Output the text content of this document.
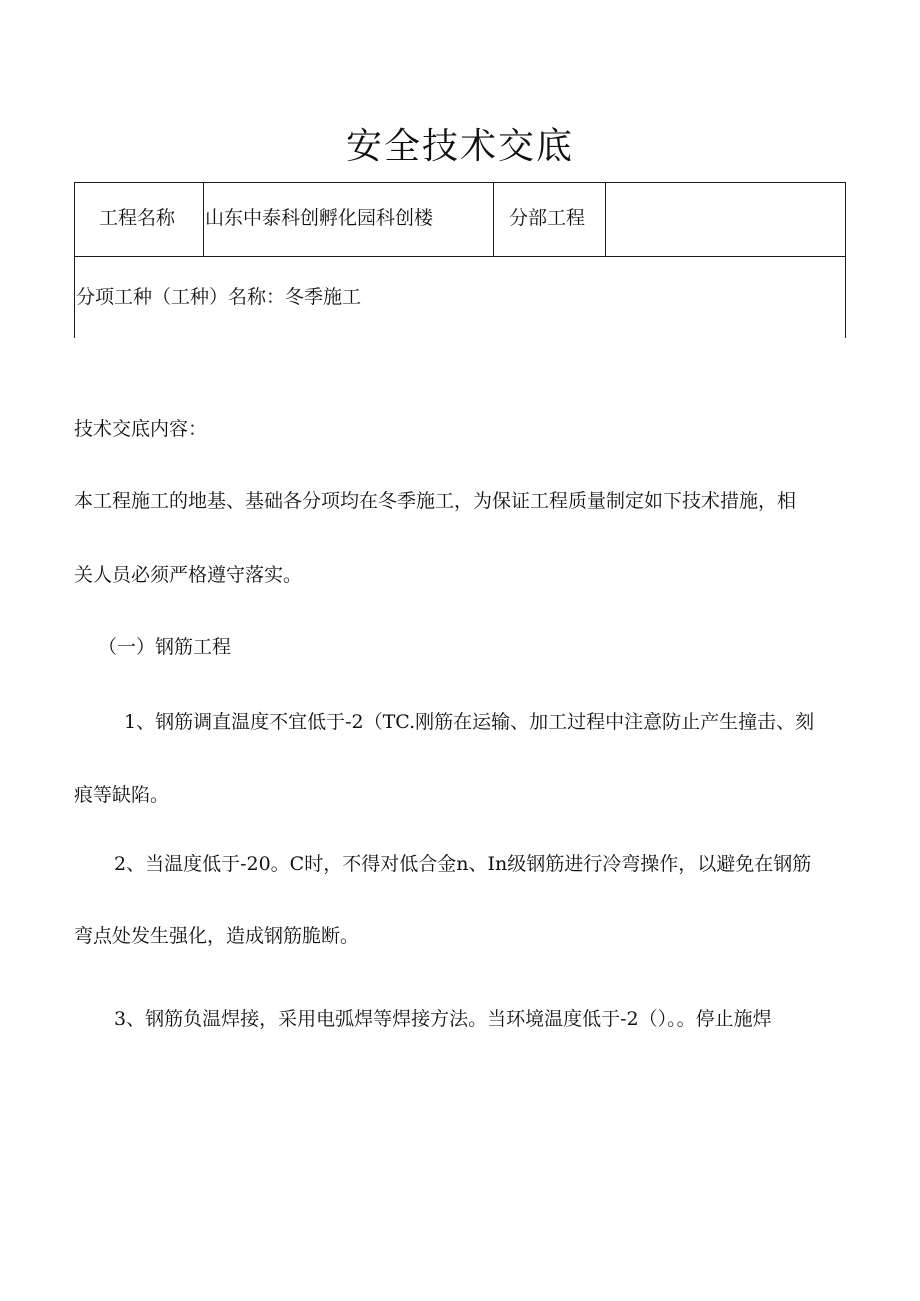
安全技术交底
工程名称 山东中泰科创孵化园科创楼	分部工程
分项工种（工种）名称：冬季施工

技术交底内容：

本工程施工的地基、基础各分项均在冬季施工，为保证工程质量制定如下技术措施，相

关人员必须严格遵守落实。

（一）钢筋工程

1、钢筋调直温度不宜低于-2（TC.刚筋在运输、加工过程中注意防止产生撞击、刻

痕等缺陷。

2、当温度低于-20。C时，不得对低合金n、In级钢筋进行冷弯操作，以避免在钢筋

弯点处发生强化，造成钢筋脆断。

3、钢筋负温焊接，采用电弧焊等焊接方法。当环境温度低于-2（）。。停止施焊
